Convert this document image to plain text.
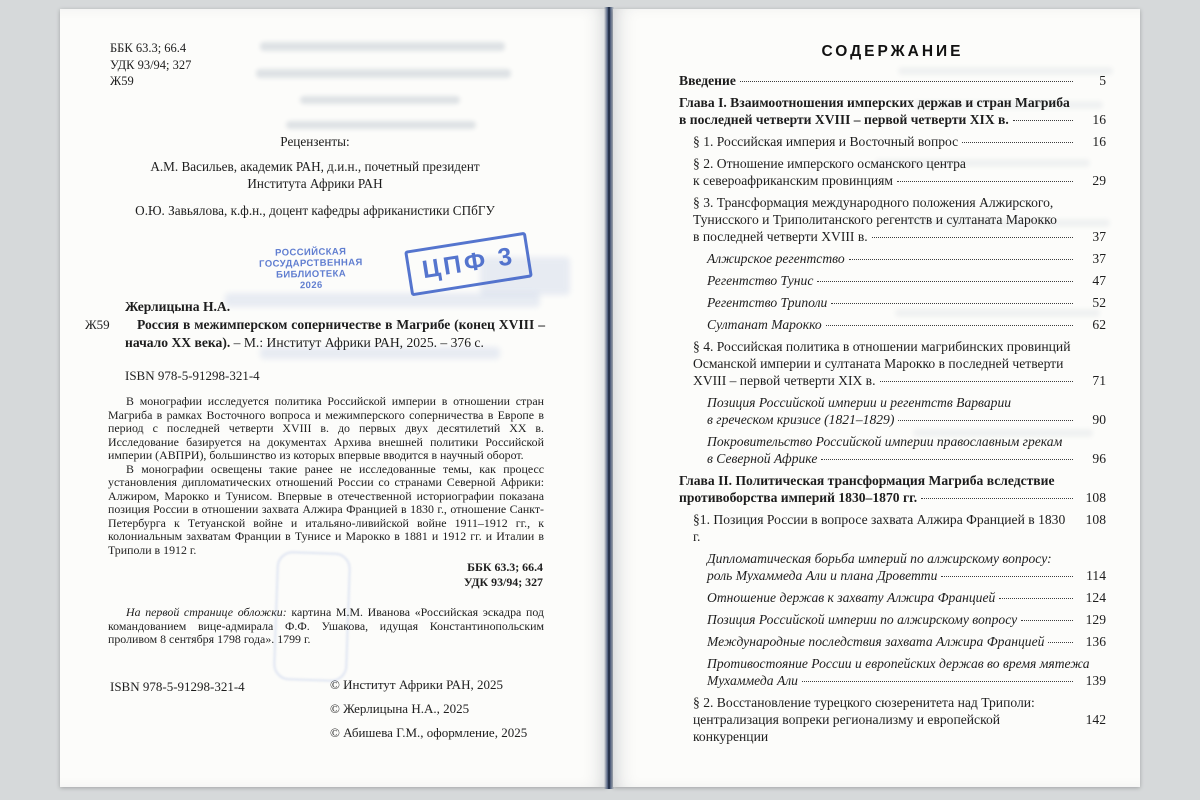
ББК 63.3; 66.4
УДК 93/94; 327
Ж59
Рецензенты:
А.М. Васильев, академик РАН, д.и.н., почетный президент
Института Африки РАН
О.Ю. Завьялова, к.ф.н., доцент кафедры африканистики СПбГУ
РОССИЙСКАЯ
ГОСУДАРСТВЕННАЯ
БИБЛИОТЕКА
2026
ЦПФ 3
Ж59
Жерлицына Н.А.
Россия в межимперском соперничестве в Магрибе (конец XVIII – начало XX века). – М.: Институт Африки РАН, 2025. – 376 с.
ISBN 978-5-91298-321-4

В монографии исследуется политика Российской империи в отношении стран Магриба в рамках Восточного вопроса и межимперского соперничества в Европе в период с последней четверти XVIII в. до первых двух десятилетий XX в. Исследование базируется на документах Архива внешней политики Российской империи (АВПРИ), большинство из которых впервые вводится в научный оборот.

В монографии освещены такие ранее не исследованные темы, как процесс установления дипломатических отношений России со странами Северной Африки: Алжиром, Марокко и Тунисом. Впервые в отечественной историографии показана позиция России в отношении захвата Алжира Францией в 1830 г., отношение Санкт-Петербурга к Тетуанской войне и итальяно-ливийской войне 1911–1912 гг., к колониальным захватам Франции в Тунисе и Марокко в 1881 и 1912 гг. и Италии в Триполи в 1912 г.

ББК 63.3; 66.4
УДК 93/94; 327

На первой странице обложки: картина М.М. Иванова «Российская эскадра под командованием вице-адмирала Ф.Ф. Ушакова, идущая Константинопольским проливом 8 сентября 1798 года». 1799 г.

ISBN 978-5-91298-321-4	© Институт Африки РАН, 2025
© Жерлицына Н.А., 2025
© Абишева Г.М., оформление, 2025
СОДЕРЖАНИЕ
Введение	5
Глава I. Взаимоотношения имперских держав и стран Магриба
в последней четверти XVIII – первой четверти XIX в.	16
§ 1. Российская империя и Восточный вопрос	16
§ 2. Отношение имперского османского центра
к североафриканским провинциям	29
§ 3. Трансформация международного положения Алжирского,
Тунисского и Триполитанского регентств и султаната Марокко
в последней четверти XVIII в.	37
Алжирское регентство	37
Регентство Тунис	47
Регентство Триполи	52
Султанат Марокко	62
§ 4. Российская политика в отношении магрибинских провинций
Османской империи и султаната Марокко в последней четверти
XVIII – первой четверти XIX в.	71
Позиция Российской империи и регентств Варварии
в греческом кризисе (1821–1829)	90
Покровительство Российской империи православным грекам
в Северной Африке	96
Глава II. Политическая трансформация Магриба вследствие
противоборства империй 1830–1870 гг.	108
§1. Позиция России в вопросе захвата Алжира Францией в 1830 г.
108
Дипломатическая борьба империй по алжирскому вопросу:
роль Мухаммеда Али и плана Дроветти	114
Отношение держав к захвату Алжира Францией	124
Позиция Российской империи по алжирскому вопросу	129
Международные последствия захвата Алжира Францией	136
Противостояние России и европейских держав во время мятежа
Мухаммеда Али	139
§ 2. Восстановление турецкого сюзеренитета над Триполи:
централизация вопреки регионализму и европейской конкуренции
142
